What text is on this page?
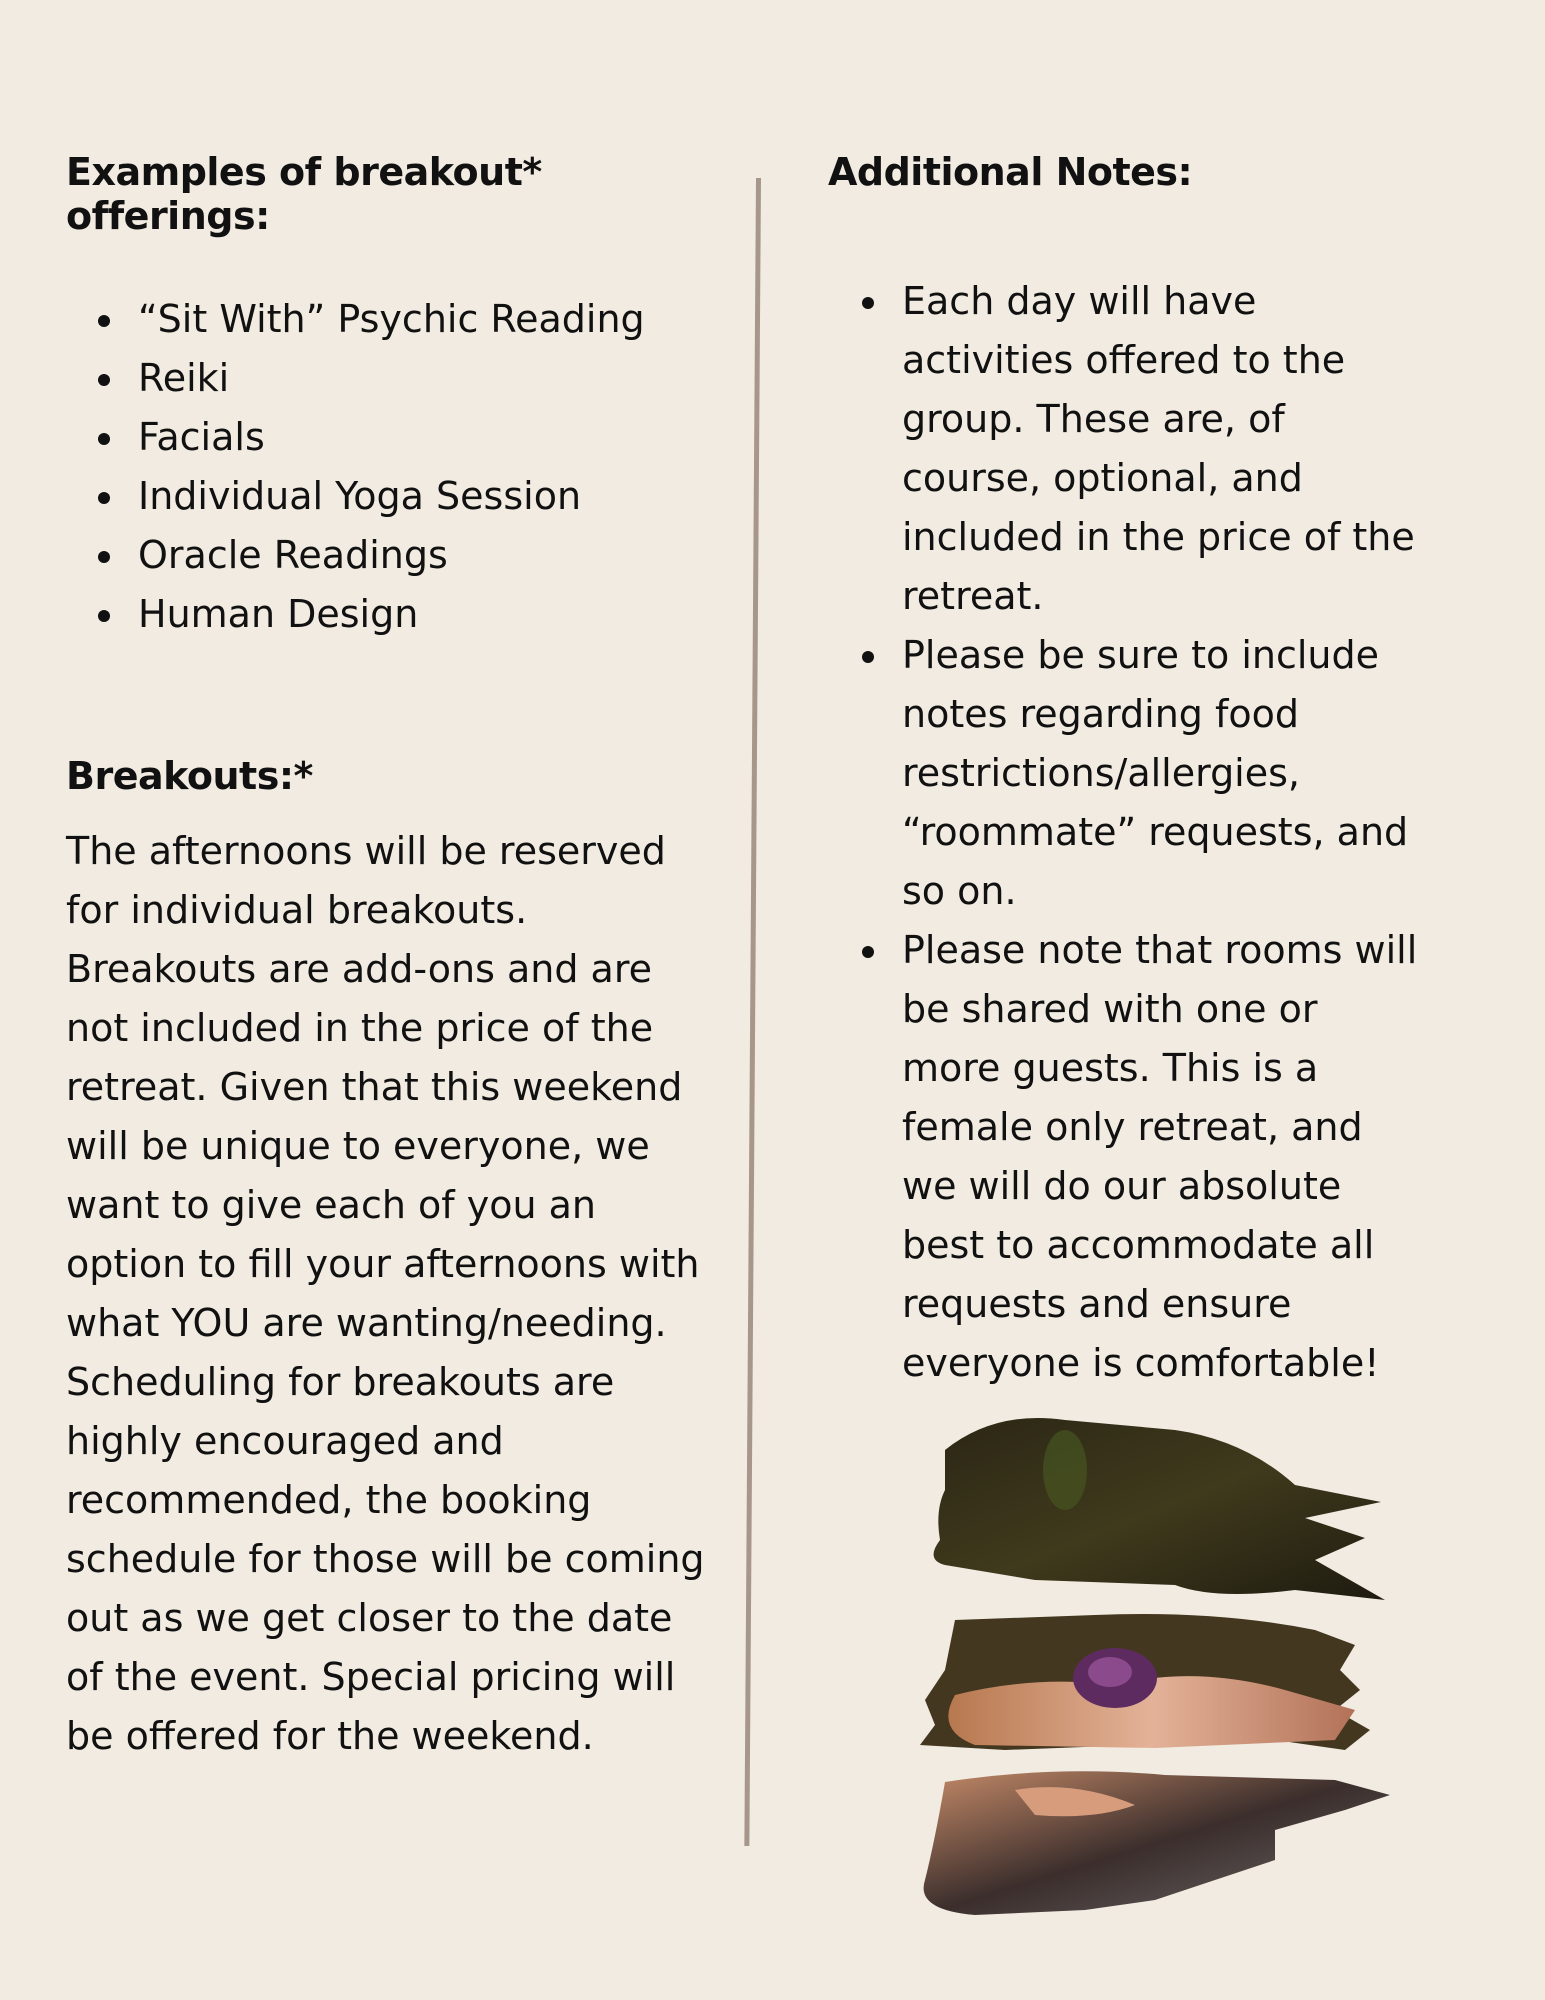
Examples of breakout* offerings:
“Sit With” Psychic Reading
Reiki
Facials
Individual Yoga Session
Oracle Readings
Human Design
Breakouts:*

The afternoons will be reserved for individual breakouts. Breakouts are add-ons and are not included in the price of the retreat. Given that this weekend will be unique to everyone, we want to give each of you an option to fill your afternoons with what YOU are wanting/needing. Scheduling for breakouts are highly encouraged and recommended, the booking schedule for those will be coming out as we get closer to the date of the event. Special pricing will be offered for the weekend.

Additional Notes:
Each day will have activities offered to the group. These are, of course, optional, and included in the price of the retreat.
Please be sure to include notes regarding food restrictions/allergies, “roommate” requests, and so on.
Please note that rooms will be shared with one or more guests. This is a female only retreat, and we will do our absolute best to accommodate all requests and ensure everyone is comfortable!
